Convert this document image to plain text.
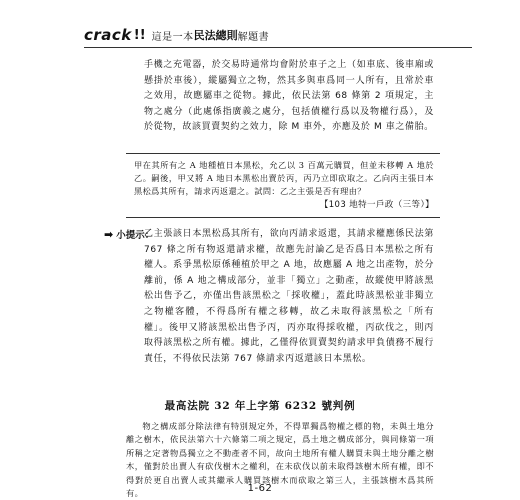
crack !! 這是一本 民法總則 解題書
手機之充電器，於交易時通常均會附於車子之上（如車底、後車廂或懸掛於車後），縱屬獨立之物，然其多與車爲同一人所有，且常於車之效用，故應屬車之從物。據此，依民法第 68 條第 2 項規定，主物之處分（此處係指廣義之處分，包括債權行爲以及物權行爲），及於從物，故該買賣契約之效力，除 M 車外，亦應及於 M 車之備胎。
甲在其所有之 A 地種植日本黑松，允乙以 3 百萬元購買，但並未移轉 A 地於乙。嗣後，甲又將 A 地日本黑松出賣於丙，丙乃立即砍取之。乙向丙主張日本黑松爲其所有，請求丙返還之。試問：乙之主張是否有理由？
【103 地特一戶政（三等）】
➡ 小提示：
乙主張該日本黑松爲其所有，欲向丙請求返還，其請求權應係民法第 767 條之所有物返還請求權，故應先討論乙是否爲日本黑松之所有權人。系爭黑松原係種植於甲之 A 地，故應屬 A 地之出產物，於分離前，係 A 地之構成部分，並非「獨立」之動產，故縱使甲將該黑松出售予乙，亦僅出售該黑松之「採收權」，蓋此時該黑松並非獨立之物權客體，不得爲所有權之移轉，故乙未取得該黑松之「所有權」。後甲又將該黑松出售予丙，丙亦取得採收權，丙砍伐之，則丙取得該黑松之所有權。據此，乙僅得依買賣契約請求甲負債務不履行責任，不得依民法第 767 條請求丙返還該日本黑松。
最高法院 32 年上字第 6232 號判例
物之構成部分除法律有特別規定外，不得單獨爲物權之標的物，未與土地分離之樹木，依民法第六十六條第二項之規定，爲土地之構成部分，與同條第一項所稱之定著物爲獨立之不動產者不同，故向土地所有權人購買未與土地分離之樹木，僅對於出賣人有砍伐樹木之權利，在未砍伐以前未取得該樹木所有權，即不得對於更自出賣人或其繼承人購買該樹木而砍取之第三人，主張該樹木爲其所有。	1-62
